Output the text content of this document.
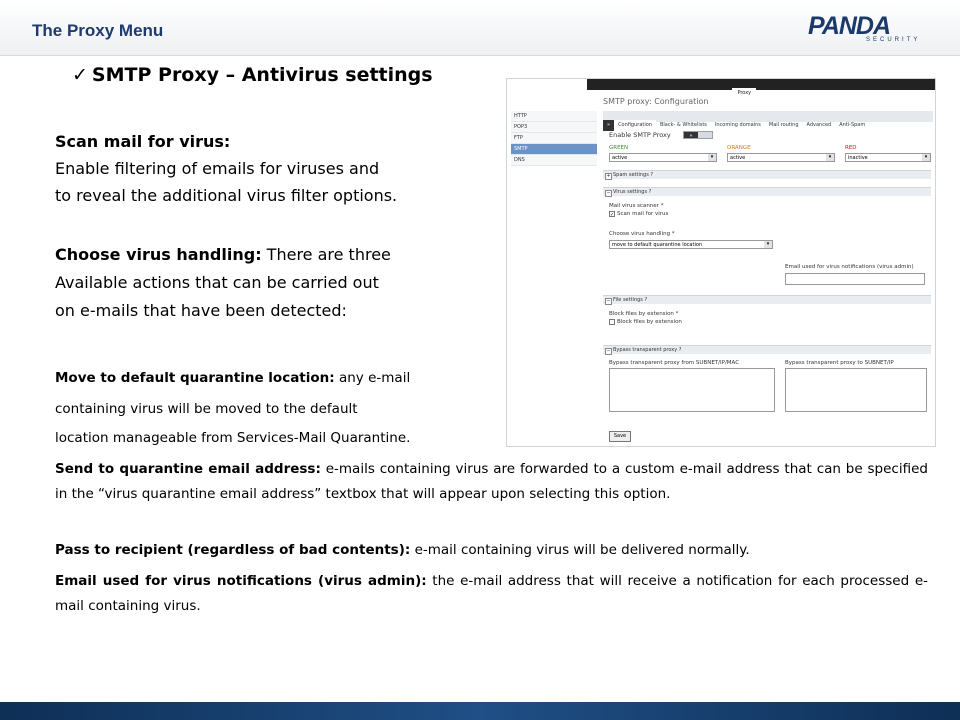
The Proxy Menu	PANDA
SECURITY
✓ SMTP Proxy – Antivirus settings
Scan mail for virus:
Enable filtering of emails for viruses and
to reveal the additional virus filter options.
Choose virus handling: There are three
Available actions that can be carried out
on e-mails that have been detected:
Move to default quarantine location: any e-mail
containing virus will be moved to the default
location manageable from Services-Mail Quarantine.
Send to quarantine email address: e-mails containing virus are forwarded to a custom e-mail address that can be specified in the “virus quarantine email address” textbox that will appear upon selecting this option.
Pass to recipient (regardless of bad contents): e-mail containing virus will be delivered normally.
Email used for virus notifications (virus admin): the e-mail address that will receive a notification for each processed e-mail containing virus.
System Status Network Services Firewall Proxy VPN Hotspot Logs
SMTP proxy: Configuration
HTTP
POP3
FTP
SMTP
DNS
» Configuration Black- & Whitelists Incoming domains Mail routing Advanced Anti-Spam
Enable SMTP Proxy	»
GREEN
active	▾
ORANGE
active	▾
RED
inactive	▾
+ Spam settings ?
− Virus settings ?
Mail virus scanner *
✓ Scan mail for virus
Choose virus handling *
move to default quarantine location	▾
Email used for virus notifications (virus admin)
− File settings ?
Block files by extension *
Block files by extension
− Bypass transparent proxy ?
Bypass transparent proxy from SUBNET/IP/MAC	Bypass transparent proxy to SUBNET/IP
Save
